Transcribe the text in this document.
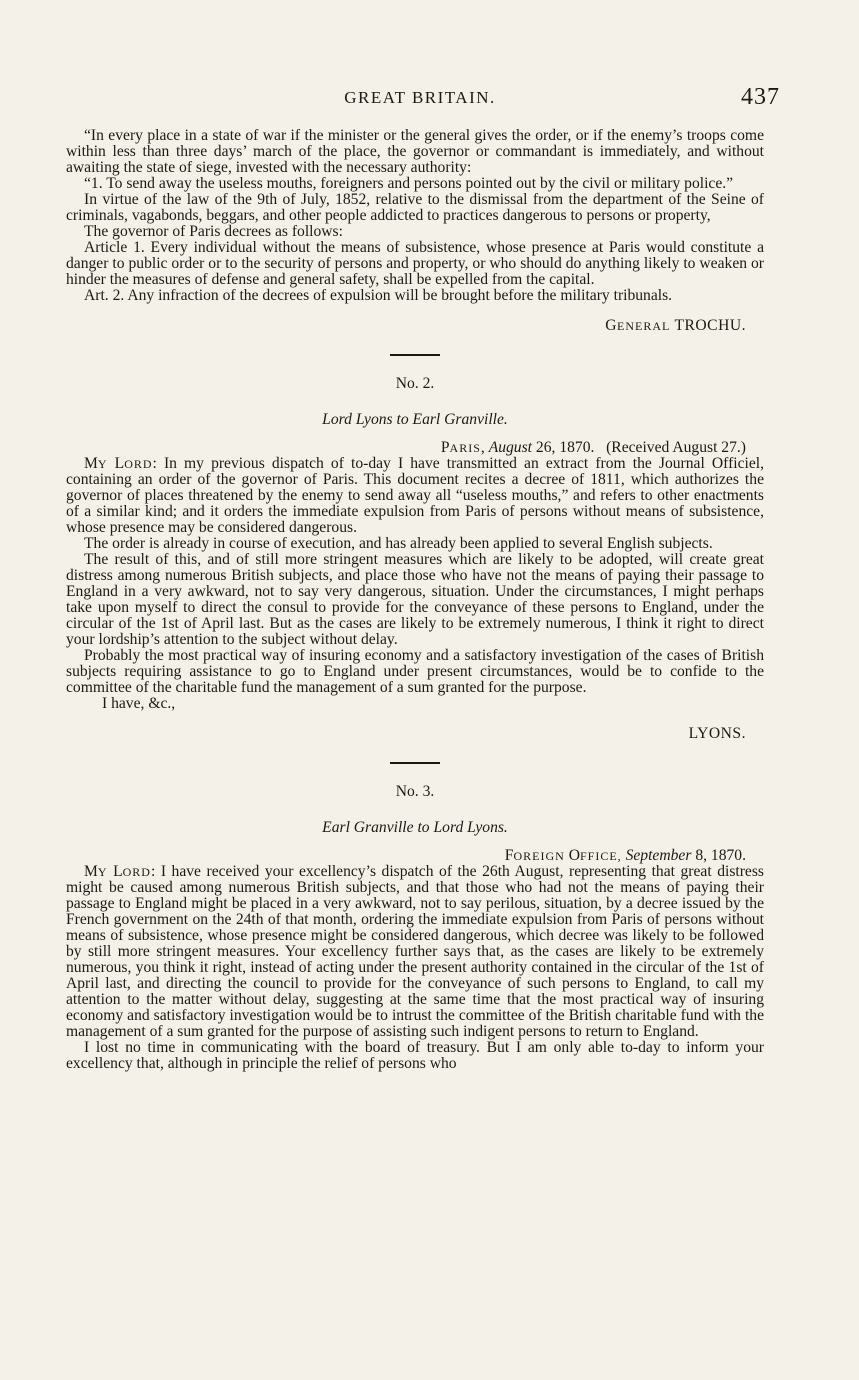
GREAT BRITAIN.	437

“In every place in a state of war if the minister or the general gives the order, or if the enemy’s troops come within less than three days’ march of the place, the governor or commandant is immediately, and without awaiting the state of siege, invested with the necessary authority:

“1. To send away the useless mouths, foreigners and persons pointed out by the civil or military police.”

In virtue of the law of the 9th of July, 1852, relative to the dismissal from the department of the Seine of criminals, vagabonds, beggars, and other people addicted to practices dangerous to persons or property,

The governor of Paris decrees as follows:

Article 1. Every individual without the means of subsistence, whose presence at Paris would constitute a danger to public order or to the security of persons and property, or who should do anything likely to weaken or hinder the measures of defense and general safety, shall be expelled from the capital.

Art. 2. Any infraction of the decrees of expulsion will be brought before the military tribunals.

GENERAL TROCHU.
No. 2.
Lord Lyons to Earl Granville.
PARIS, August 26, 1870. (Received August 27.)

MY LORD: In my previous dispatch of to-day I have transmitted an extract from the Journal Officiel, containing an order of the governor of Paris. This document recites a decree of 1811, which authorizes the governor of places threatened by the enemy to send away all “useless mouths,” and refers to other enactments of a similar kind; and it orders the immediate expulsion from Paris of persons without means of subsistence, whose presence may be considered dangerous.

The order is already in course of execution, and has already been applied to several English subjects.

The result of this, and of still more stringent measures which are likely to be adopted, will create great distress among numerous British subjects, and place those who have not the means of paying their passage to England in a very awkward, not to say very dangerous, situation. Under the circumstances, I might perhaps take upon myself to direct the consul to provide for the conveyance of these persons to England, under the circular of the 1st of April last. But as the cases are likely to be extremely numerous, I think it right to direct your lordship’s attention to the subject without delay.

Probably the most practical way of insuring economy and a satisfactory investigation of the cases of British subjects requiring assistance to go to England under present circumstances, would be to confide to the committee of the charitable fund the management of a sum granted for the purpose.

I have, &c.,

LYONS.
No. 3.
Earl Granville to Lord Lyons.
FOREIGN OFFICE, September 8, 1870.

MY LORD: I have received your excellency’s dispatch of the 26th August, representing that great distress might be caused among numerous British subjects, and that those who had not the means of paying their passage to England might be placed in a very awkward, not to say perilous, situation, by a decree issued by the French government on the 24th of that month, ordering the immediate expulsion from Paris of persons without means of subsistence, whose presence might be considered dangerous, which decree was likely to be followed by still more stringent measures. Your excellency further says that, as the cases are likely to be extremely numerous, you think it right, instead of acting under the present authority contained in the circular of the 1st of April last, and directing the council to provide for the conveyance of such persons to England, to call my attention to the matter without delay, suggesting at the same time that the most practical way of insuring economy and satisfactory investigation would be to intrust the committee of the British charitable fund with the management of a sum granted for the purpose of assisting such indigent persons to return to England.

I lost no time in communicating with the board of treasury. But I am only able to-day to inform your excellency that, although in principle the relief of persons who
